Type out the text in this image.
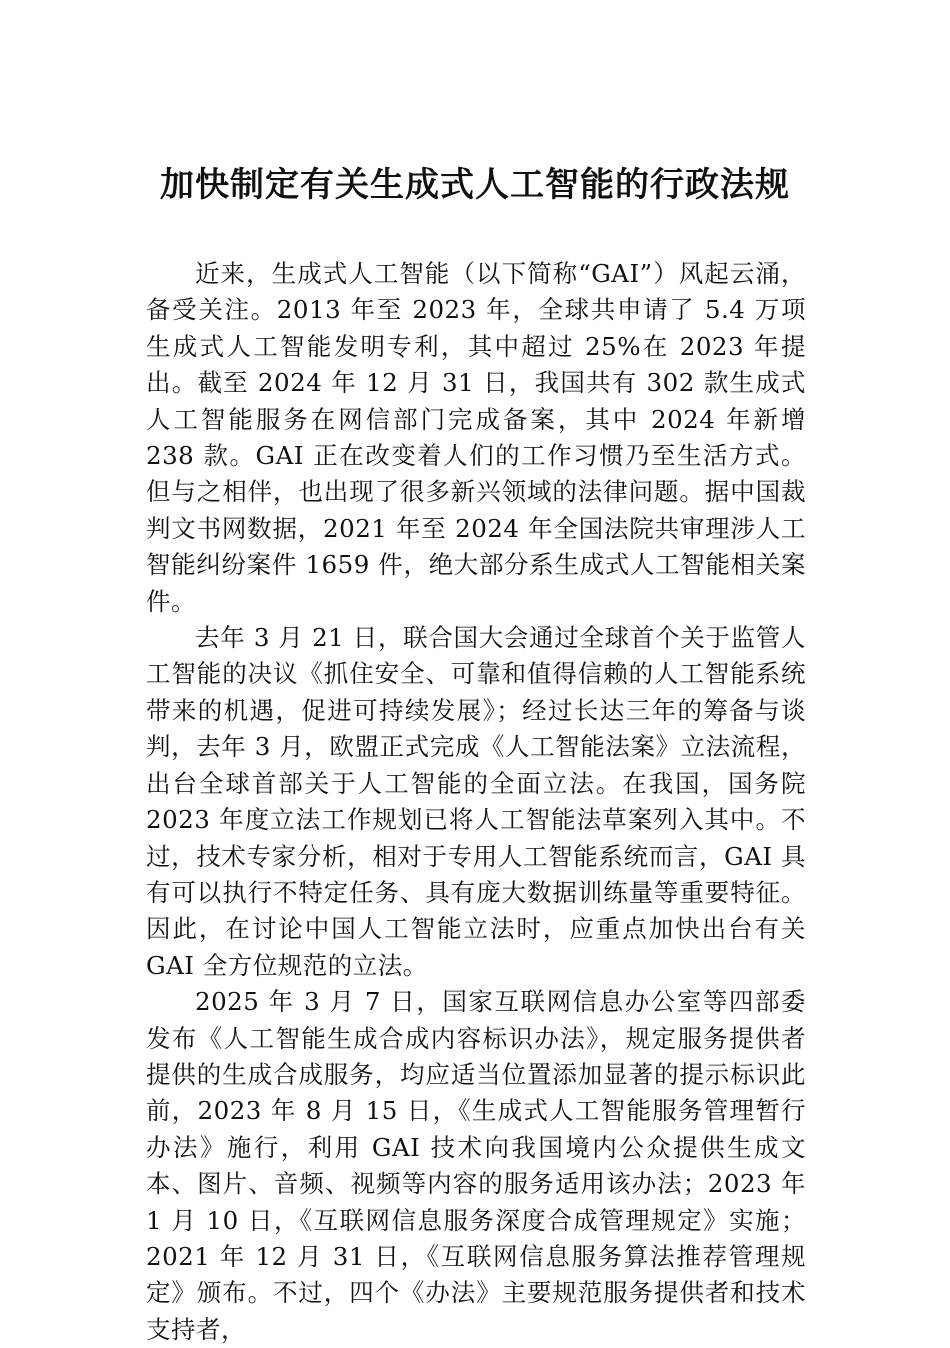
加快制定有关生成式人工智能的行政法规

近来，生成式人工智能（以下简称“GAI”）风起云涌，备受关注。2013 年至 2023 年，全球共申请了 5.4 万项生成式人工智能发明专利，其中超过 25%在 2023 年提出。截至 2024 年 12 月 31 日，我国共有 302 款生成式人工智能服务在网信部门完成备案，其中 2024 年新增 238 款。GAI 正在改变着人们的工作习惯乃至生活方式。但与之相伴，也出现了很多新兴领域的法律问题。据中国裁判文书网数据，2021 年至 2024 年全国法院共审理涉人工智能纠纷案件 1659 件，绝大部分系生成式人工智能相关案件。

去年 3 月 21 日，联合国大会通过全球首个关于监管人工智能的决议《抓住安全、可靠和值得信赖的人工智能系统带来的机遇，促进可持续发展》；经过长达三年的筹备与谈判，去年 3 月，欧盟正式完成《人工智能法案》立法流程，出台全球首部关于人工智能的全面立法。在我国，国务院 2023 年度立法工作规划已将人工智能法草案列入其中。不过，技术专家分析，相对于专用人工智能系统而言，GAI 具有可以执行不特定任务、具有庞大数据训练量等重要特征。因此，在讨论中国人工智能立法时，应重点加快出台有关 GAI 全方位规范的立法。

2025 年 3 月 7 日，国家互联网信息办公室等四部委发布《人工智能生成合成内容标识办法》，规定服务提供者提供的生成合成服务，均应适当位置添加显著的提示标识此前，2023 年 8 月 15 日，《生成式人工智能服务管理暂行办法》施行，利用 GAI 技术向我国境内公众提供生成文本、图片、音频、视频等内容的服务适用该办法；2023 年 1 月 10 日，《互联网信息服务深度合成管理规定》实施；2021 年 12 月 31 日，《互联网信息服务算法推荐管理规定》颁布。不过，四个《办法》主要规范服务提供者和技术支持者，
